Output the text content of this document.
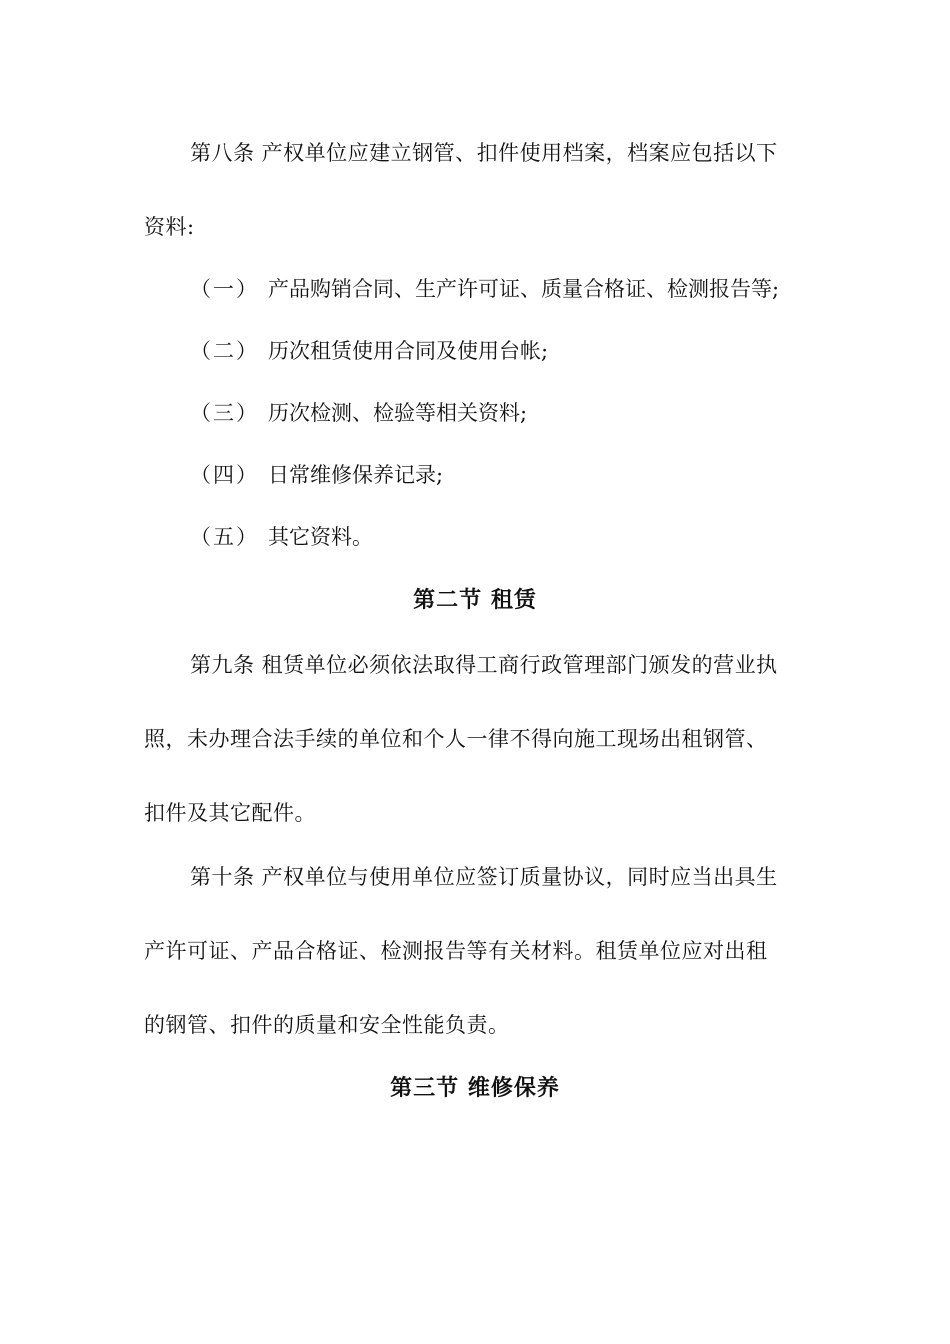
第八条 产权单位应建立钢管、扣件使用档案，档案应包括以下
资料:
（一） 产品购销合同、生产许可证、质量合格证、检测报告等;
（二） 历次租赁使用合同及使用台帐;
（三） 历次检测、检验等相关资料;
（四） 日常维修保养记录;
（五） 其它资料。
第二节 租赁
第九条 租赁单位必须依法取得工商行政管理部门颁发的营业执
照，未办理合法手续的单位和个人一律不得向施工现场出租钢管、
扣件及其它配件。
第十条 产权单位与使用单位应签订质量协议，同时应当出具生
产许可证、产品合格证、检测报告等有关材料。租赁单位应对出租
的钢管、扣件的质量和安全性能负责。
第三节 维修保养
